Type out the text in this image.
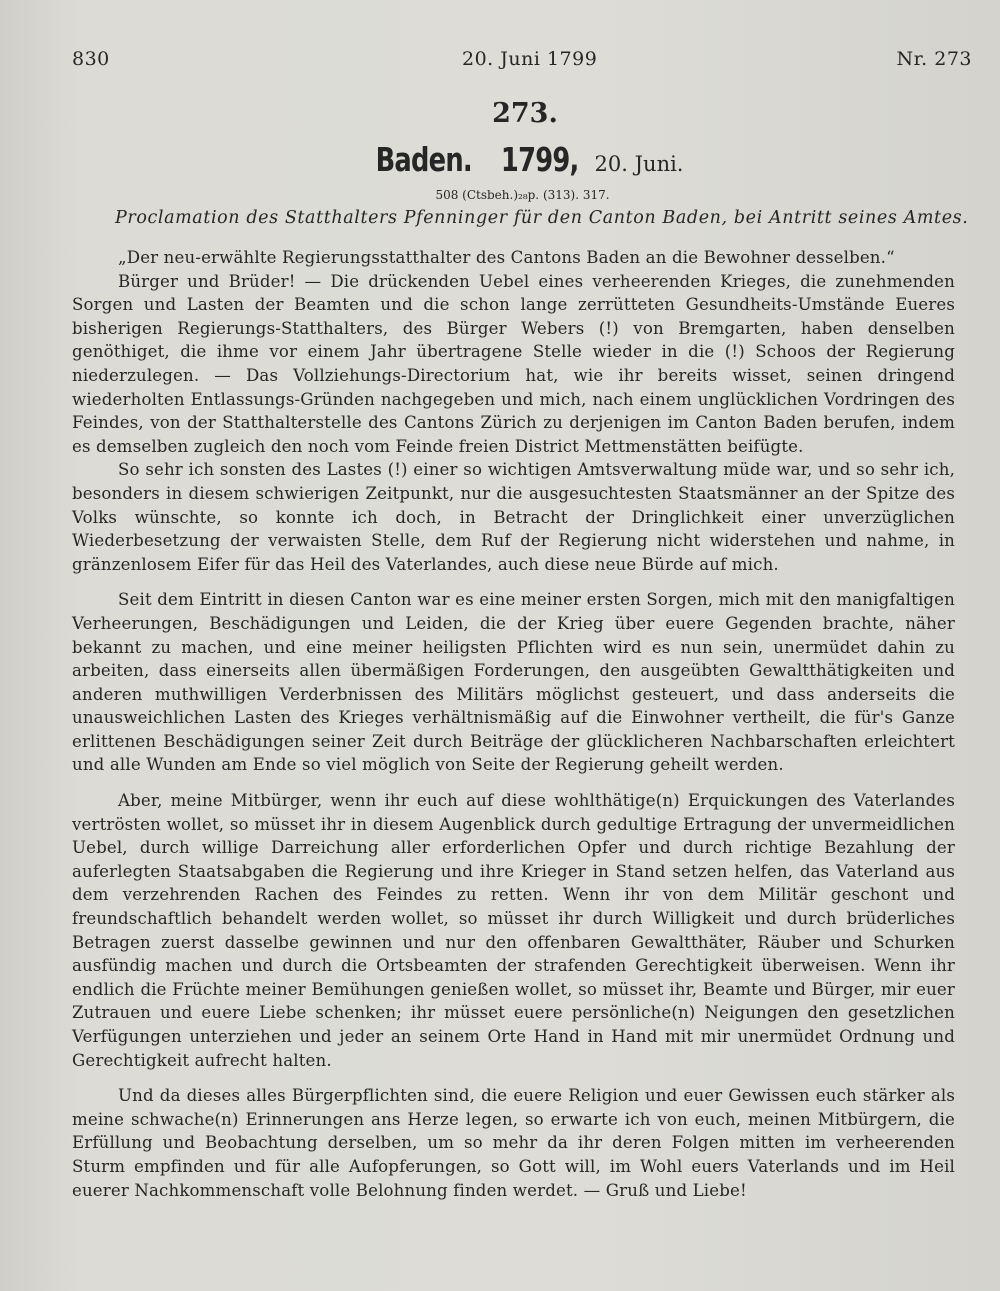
830	20. Juni 1799	Nr. 273
273.
Baden. 1799, 20. Juni.
508 (Ctsbeh.)₂₈p. (313). 317.
Proclamation des Statthalters Pfenninger für den Canton Baden, bei Antritt seines Amtes.

„Der neu-erwählte Regierungsstatthalter des Cantons Baden an die Bewohner desselben.“

Bürger und Brüder! — Die drückenden Uebel eines verheerenden Krieges, die zunehmenden Sorgen und Lasten der Beamten und die schon lange zerrütteten Gesundheits-Umstände Eueres bisherigen Regierungs-Statthalters, des Bürger Webers (!) von Bremgarten, haben denselben genöthiget, die ihme vor einem Jahr übertragene Stelle wieder in die (!) Schoos der Regierung niederzulegen. — Das Vollziehungs-Directorium hat, wie ihr bereits wisset, seinen dringend wiederholten Entlassungs-Gründen nachgegeben und mich, nach einem unglücklichen Vordringen des Feindes, von der Statthalterstelle des Cantons Zürich zu derjenigen im Canton Baden berufen, indem es demselben zugleich den noch vom Feinde freien District Mettmenstätten beifügte.

So sehr ich sonsten des Lastes (!) einer so wichtigen Amtsverwaltung müde war, und so sehr ich, besonders in diesem schwierigen Zeitpunkt, nur die ausgesuchtesten Staatsmänner an der Spitze des Volks wünschte, so konnte ich doch, in Betracht der Dringlichkeit einer unverzüglichen Wiederbesetzung der verwaisten Stelle, dem Ruf der Regierung nicht widerstehen und nahme, in gränzenlosem Eifer für das Heil des Vaterlandes, auch diese neue Bürde auf mich.

Seit dem Eintritt in diesen Canton war es eine meiner ersten Sorgen, mich mit den manigfaltigen Verheerungen, Beschädigungen und Leiden, die der Krieg über euere Gegenden brachte, näher bekannt zu machen, und eine meiner heiligsten Pflichten wird es nun sein, unermüdet dahin zu arbeiten, dass einerseits allen übermäßigen Forderungen, den ausgeübten Gewaltthätigkeiten und anderen muthwilligen Verderbnissen des Militärs möglichst gesteuert, und dass anderseits die unausweichlichen Lasten des Krieges verhältnismäßig auf die Einwohner vertheilt, die für's Ganze erlittenen Beschädigungen seiner Zeit durch Beiträge der glücklicheren Nachbarschaften erleichtert und alle Wunden am Ende so viel möglich von Seite der Regierung geheilt werden.

Aber, meine Mitbürger, wenn ihr euch auf diese wohlthätige(n) Erquickungen des Vaterlandes vertrösten wollet, so müsset ihr in diesem Augenblick durch gedultige Ertragung der unvermeidlichen Uebel, durch willige Darreichung aller erforderlichen Opfer und durch richtige Bezahlung der auferlegten Staatsabgaben die Regierung und ihre Krieger in Stand setzen helfen, das Vaterland aus dem verzehrenden Rachen des Feindes zu retten. Wenn ihr von dem Militär geschont und freundschaftlich behandelt werden wollet, so müsset ihr durch Willigkeit und durch brüderliches Betragen zuerst dasselbe gewinnen und nur den offenbaren Gewaltthäter, Räuber und Schurken ausfündig machen und durch die Ortsbeamten der strafenden Gerechtigkeit überweisen. Wenn ihr endlich die Früchte meiner Bemühungen genießen wollet, so müsset ihr, Beamte und Bürger, mir euer Zutrauen und euere Liebe schenken; ihr müsset euere persönliche(n) Neigungen den gesetzlichen Verfügungen unterziehen und jeder an seinem Orte Hand in Hand mit mir unermüdet Ordnung und Gerechtigkeit aufrecht halten.

Und da dieses alles Bürgerpflichten sind, die euere Religion und euer Gewissen euch stärker als meine schwache(n) Erinnerungen ans Herze legen, so erwarte ich von euch, meinen Mitbürgern, die Erfüllung und Beobachtung derselben, um so mehr da ihr deren Folgen mitten im verheerenden Sturm empfinden und für alle Aufopferungen, so Gott will, im Wohl euers Vaterlands und im Heil euerer Nachkommenschaft volle Belohnung finden werdet. — Gruß und Liebe!
